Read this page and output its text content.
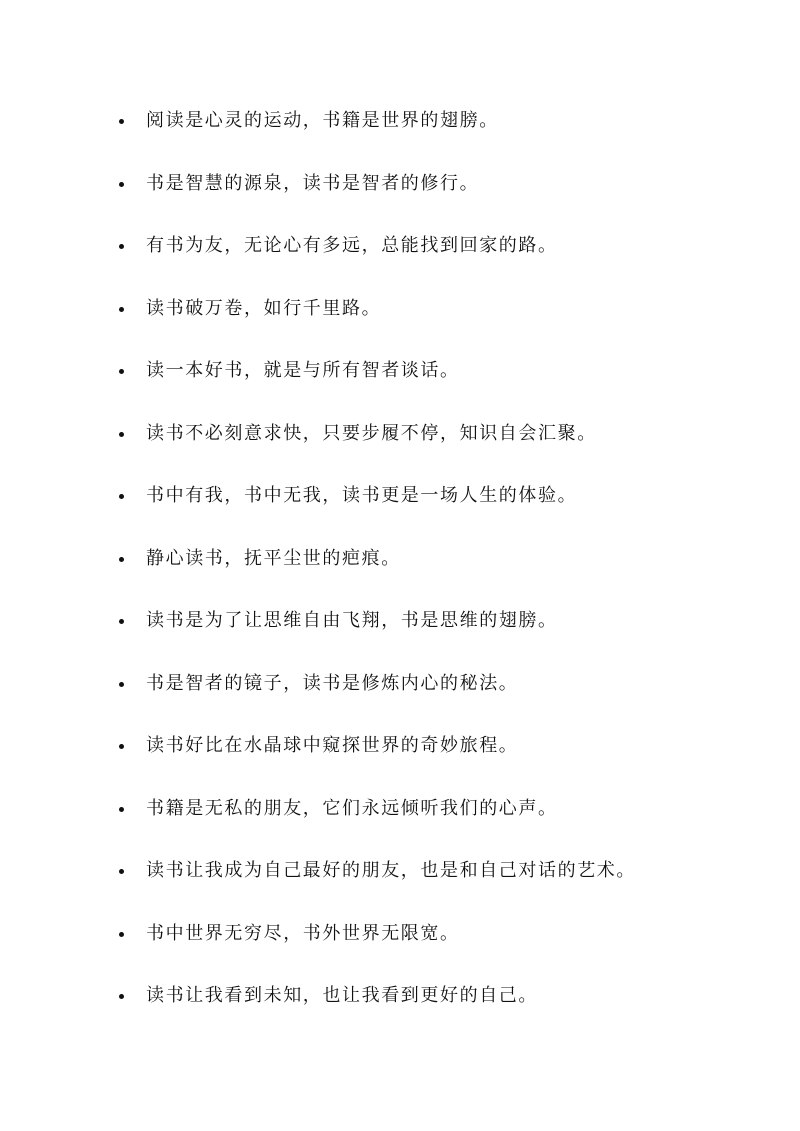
阅读是心灵的运动，书籍是世界的翅膀。
书是智慧的源泉，读书是智者的修行。
有书为友，无论心有多远，总能找到回家的路。
读书破万卷，如行千里路。
读一本好书，就是与所有智者谈话。
读书不必刻意求快，只要步履不停，知识自会汇聚。
书中有我，书中无我，读书更是一场人生的体验。
静心读书，抚平尘世的疤痕。
读书是为了让思维自由飞翔，书是思维的翅膀。
书是智者的镜子，读书是修炼内心的秘法。
读书好比在水晶球中窥探世界的奇妙旅程。
书籍是无私的朋友，它们永远倾听我们的心声。
读书让我成为自己最好的朋友，也是和自己对话的艺术。
书中世界无穷尽，书外世界无限宽。
读书让我看到未知，也让我看到更好的自己。
